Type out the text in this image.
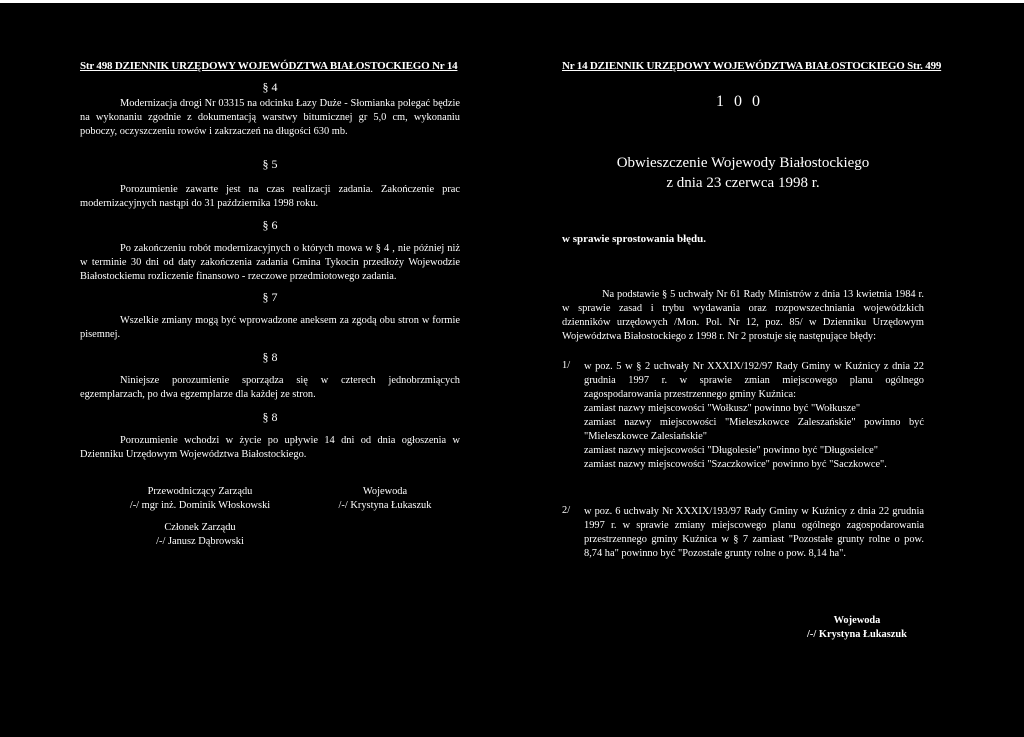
Str 498 DZIENNIK URZĘDOWY WOJEWÓDZTWA BIAŁOSTOCKIEGO Nr 14
§ 4

Modernizacja drogi Nr 03315 na odcinku Łazy Duże - Słomianka polegać będzie na wykonaniu zgodnie z dokumentacją warstwy bitumicznej gr 5,0 cm, wykonaniu poboczy, oczyszczeniu rowów i zakrzaczeń na długości 630 mb.

§ 5

Porozumienie zawarte jest na czas realizacji zadania. Zakończenie prac modernizacyjnych nastąpi do 31 października 1998 roku.

§ 6

Po zakończeniu robót modernizacyjnych o których mowa w § 4 , nie później niż w terminie 30 dni od daty zakończenia zadania Gmina Tykocin przedłoży Wojewodzie Białostockiemu rozliczenie finansowo - rzeczowe przedmiotowego zadania.

§ 7

Wszelkie zmiany mogą być wprowadzone aneksem za zgodą obu stron w formie pisemnej.

§ 8

Niniejsze porozumienie sporządza się w czterech jednobrzmiących egzemplarzach, po dwa egzemplarze dla każdej ze stron.

§ 8

Porozumienie wchodzi w życie po upływie 14 dni od dnia ogłoszenia w Dzienniku Urzędowym Województwa Białostockiego.

Przewodniczący Zarządu
/-/ mgr inż. Dominik Włoskowski
Wojewoda
/-/ Krystyna Łukaszuk
Członek Zarządu
/-/ Janusz Dąbrowski
Nr 14 DZIENNIK URZĘDOWY WOJEWÓDZTWA BIAŁOSTOCKIEGO Str. 499
100
Obwieszczenie Wojewody Białostockiego
z dnia 23 czerwca 1998 r.
w sprawie sprostowania błędu.

Na podstawie § 5 uchwały Nr 61 Rady Ministrów z dnia 13 kwietnia 1984 r. w sprawie zasad i trybu wydawania oraz rozpowszechniania wojewódzkich dzienników urzędowych /Mon. Pol. Nr 12, poz. 85/ w Dzienniku Urzędowym Województwa Białostockiego z 1998 r. Nr 2 prostuje się następujące błędy:

1/	w poz. 5 w § 2 uchwały Nr XXXIX/192/97 Rady Gminy w Kuźnicy z dnia 22 grudnia 1997 r. w sprawie zmian miejscowego planu ogólnego zagospodarowania przestrzennego gminy Kuźnica:
zamiast nazwy miejscowości "Wołkusz" powinno być "Wołkusze"
zamiast nazwy miejscowości "Mieleszkowce Zaleszańskie" powinno być "Mieleszkowce Zalesiańskie"
zamiast nazwy miejscowości "Długolesie" powinno być "Długosielce"
zamiast nazwy miejscowości "Szaczkowice" powinno być "Saczkowce".
2/ w poz. 6 uchwały Nr XXXIX/193/97 Rady Gminy w Kuźnicy z dnia 22 grudnia 1997 r. w sprawie zmiany miejscowego planu ogólnego zagospodarowania przestrzennego gminy Kuźnica w § 7 zamiast "Pozostałe grunty rolne o pow. 8,74 ha" powinno być "Pozostałe grunty rolne o pow. 8,14 ha".

Wojewoda
/-/ Krystyna Łukaszuk
